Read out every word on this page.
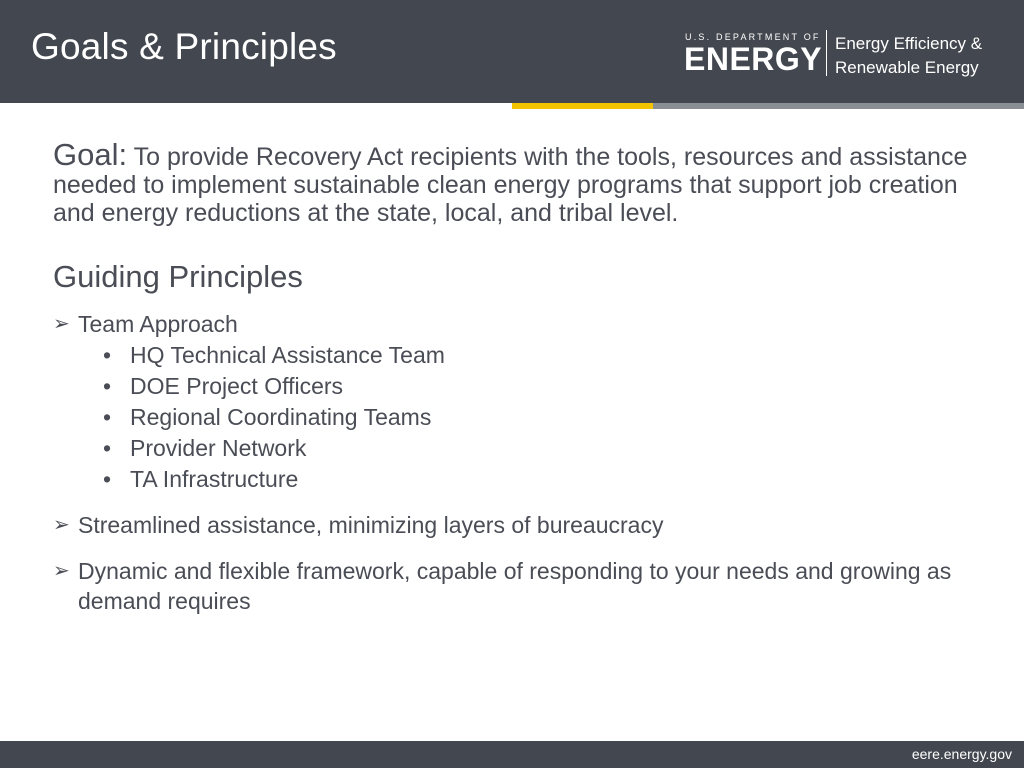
Goals & Principles	U.S. DEPARTMENT OF
ENERGY Energy Efficiency &
Renewable Energy
Goal: To provide Recovery Act recipients with the tools, resources and assistance needed to implement sustainable clean energy programs that support job creation and energy reductions at the state, local, and tribal level.
Guiding Principles
➢ Team Approach
• HQ Technical Assistance Team
• DOE Project Officers
• Regional Coordinating Teams
• Provider Network
• TA Infrastructure
➢ Streamlined assistance, minimizing layers of bureaucracy
➢ Dynamic and flexible framework, capable of responding to your needs and growing as demand requires
eere.energy.gov
